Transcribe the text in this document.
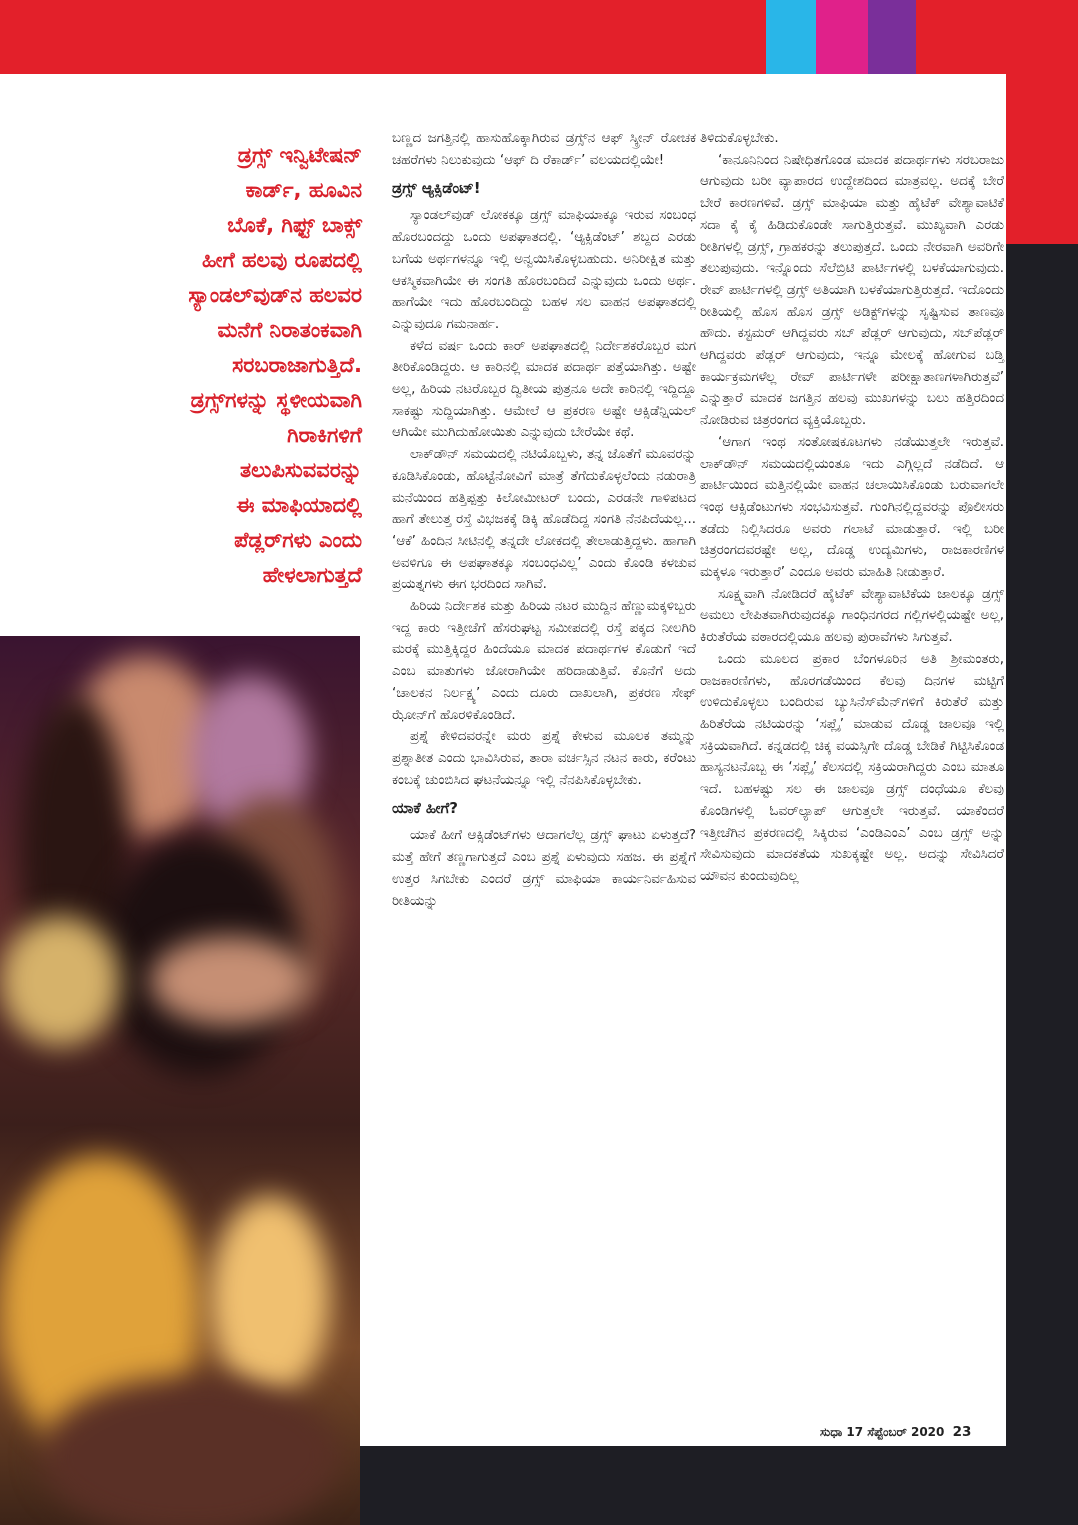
ಡ್ರಗ್ಸ್ ಇನ್ವಿಟೇಷನ್
ಕಾರ್ಡ್, ಹೂವಿನ
ಬೊಕೆ, ಗಿಫ್ಟ್ ಬಾಕ್ಸ್
ಹೀಗೆ ಹಲವು ರೂಪದಲ್ಲಿ
ಸ್ಯಾಂಡಲ್‌ವುಡ್‌ನ ಹಲವರ
ಮನೆಗೆ ನಿರಾತಂಕವಾಗಿ
ಸರಬರಾಜಾಗುತ್ತಿದೆ.
ಡ್ರಗ್ಸ್‌ಗಳನ್ನು ಸ್ಥಳೀಯವಾಗಿ
ಗಿರಾಕಿಗಳಿಗೆ
ತಲುಪಿಸುವವರನ್ನು
ಈ ಮಾಫಿಯಾದಲ್ಲಿ
ಪೆಡ್ಲರ್‌ಗಳು ಎಂದು
ಹೇಳಲಾಗುತ್ತದೆ

ಬಣ್ಣದ ಜಗತ್ತಿನಲ್ಲಿ ಹಾಸುಹೊಕ್ಕಾಗಿರುವ ಡ್ರಗ್ಸ್‌ನ ಆಫ್ ಸ್ಕ್ರೀನ್ ರೋಚಕ ಚಹರೆಗಳು ನಿಲುಕುವುದು ‘ಆಫ್ ದಿ ರೆಕಾರ್ಡ್’ ವಲಯದಲ್ಲಿಯೇ!

ಡ್ರಗ್ಸ್ ಆ್ಯಕ್ಸಿಡೆಂಟ್!

ಸ್ಯಾಂಡಲ್‌ವುಡ್ ಲೋಕಕ್ಕೂ ಡ್ರಗ್ಸ್ ಮಾಫಿಯಾಕ್ಕೂ ಇರುವ ಸಂಬಂಧ ಹೊರಬಂದದ್ದು ಒಂದು ಅಪಘಾತದಲ್ಲಿ. ‘ಆ್ಯಕ್ಸಿಡೆಂಟ್’ ಶಬ್ದದ ಎರಡು ಬಗೆಯ ಅರ್ಥಗಳನ್ನೂ ಇಲ್ಲಿ ಅನ್ವಯಿಸಿಕೊಳ್ಳಬಹುದು. ಅನಿರೀಕ್ಷಿತ ಮತ್ತು ಆಕಸ್ಮಿಕವಾಗಿಯೇ ಈ ಸಂಗತಿ ಹೊರಬಂದಿದೆ ಎನ್ನುವುದು ಒಂದು ಅರ್ಥ. ಹಾಗೆಯೇ ಇದು ಹೊರಬಂದಿದ್ದು ಬಹಳ ಸಲ ವಾಹನ ಅಪಘಾತದಲ್ಲಿ ಎನ್ನುವುದೂ ಗಮನಾರ್ಹ.

ಕಳೆದ ವರ್ಷ ಒಂದು ಕಾರ್ ಅಪಘಾತದಲ್ಲಿ ನಿರ್ದೇಶಕರೊಬ್ಬರ ಮಗ ತೀರಿಕೊಂಡಿದ್ದರು. ಆ ಕಾರಿನಲ್ಲಿ ಮಾದಕ ಪದಾರ್ಥ ಪತ್ತೆಯಾಗಿತ್ತು. ಅಷ್ಟೇ ಅಲ್ಲ, ಹಿರಿಯ ನಟರೊಬ್ಬರ ದ್ವಿತೀಯ ಪುತ್ರನೂ ಅದೇ ಕಾರಿನಲ್ಲಿ ಇದ್ದಿದ್ದೂ ಸಾಕಷ್ಟು ಸುದ್ದಿಯಾಗಿತ್ತು. ಆಮೇಲೆ ಆ ಪ್ರಕರಣ ಅಷ್ಟೇ ಆಕ್ಸಿಡೆನ್ಷಿಯಲ್ ಆಗಿಯೇ ಮುಗಿದುಹೋಯಿತು ಎನ್ನುವುದು ಬೇರೆಯೇ ಕಥೆ.

ಲಾಕ್‌ಡೌನ್ ಸಮಯದಲ್ಲಿ ನಟಿಯೊಬ್ಬಳು, ತನ್ನ ಜೊತೆಗೆ ಮೂವರನ್ನು ಕೂಡಿಸಿಕೊಂಡು, ಹೊಟ್ಟೆನೋವಿಗೆ ಮಾತ್ರೆ ತೆಗೆದುಕೊಳ್ಳಲೆಂದು ನಡುರಾತ್ರಿ ಮನೆಯಿಂದ ಹತ್ತಿಪ್ಪತ್ತು ಕಿಲೋಮೀಟರ್ ಬಂದು, ಎರಡನೇ ಗಾಳಿಪಟದ ಹಾಗೆ ತೇಲುತ್ತ ರಸ್ತೆ ವಿಭಜಕಕ್ಕೆ ಡಿಕ್ಕಿ ಹೊಡೆದಿದ್ದ ಸಂಗತಿ ನೆನಪಿದೆಯಲ್ಲ... ‘ಆಕೆ’ ಹಿಂದಿನ ಸೀಟಿನಲ್ಲಿ ತನ್ನದೇ ಲೋಕದಲ್ಲಿ ತೇಲಾಡುತ್ತಿದ್ದಳು. ಹಾಗಾಗಿ ಅವಳಿಗೂ ಈ ಅಪಘಾತಕ್ಕೂ ಸಂಬಂಧವಿಲ್ಲ’ ಎಂದು ಕೊಂಡಿ ಕಳಚುವ ಪ್ರಯತ್ನಗಳು ಈಗ ಭರದಿಂದ ಸಾಗಿವೆ.

ಹಿರಿಯ ನಿರ್ದೇಶಕ ಮತ್ತು ಹಿರಿಯ ನಟರ ಮುದ್ದಿನ ಹೆಣ್ಣುಮಕ್ಕಳಿಬ್ಬರು ಇದ್ದ ಕಾರು ಇತ್ತೀಚೆಗೆ ಹೆಸರುಘಟ್ಟ ಸಮೀಪದಲ್ಲಿ ರಸ್ತೆ ಪಕ್ಕದ ನೀಲಗಿರಿ ಮರಕ್ಕೆ ಮುತ್ತಿಕ್ಕಿದ್ದರ ಹಿಂದೆಯೂ ಮಾದಕ ಪದಾರ್ಥಗಳ ಕೊಡುಗೆ ಇದೆ ಎಂಬ ಮಾತುಗಳು ಜೋರಾಗಿಯೇ ಹರಿದಾಡುತ್ತಿವೆ. ಕೊನೆಗೆ ಅದು ‘ಚಾಲಕನ ನಿರ್ಲಕ್ಷ್ಯ’ ಎಂದು ದೂರು ದಾಖಲಾಗಿ, ಪ್ರಕರಣ ಸೇಫ್ ಝೋನ್‌ಗೆ ಹೊರಳಿಕೊಂಡಿದೆ.

ಪ್ರಶ್ನೆ ಕೇಳಿದವರನ್ನೇ ಮರು ಪ್ರಶ್ನೆ ಕೇಳುವ ಮೂಲಕ ತಮ್ಮನ್ನು ಪ್ರಶ್ನಾತೀತ ಎಂದು ಭಾವಿಸಿರುವ, ತಾರಾ ವರ್ಚಸ್ಸಿನ ನಟನ ಕಾರು, ಕರೆಂಟು ಕಂಬಕ್ಕೆ ಚುಂಬಿಸಿದ ಘಟನೆಯನ್ನೂ ಇಲ್ಲಿ ನೆನಪಿಸಿಕೊಳ್ಳಬೇಕು.

ಯಾಕೆ ಹೀಗೆ?

ಯಾಕೆ ಹೀಗೆ ಆಕ್ಸಿಡೆಂಟ್‌ಗಳು ಆದಾಗಲೆಲ್ಲ ಡ್ರಗ್ಸ್ ಘಾಟು ಏಳುತ್ತದೆ? ಮತ್ತೆ ಹೇಗೆ ತಣ್ಣಗಾಗುತ್ತದೆ ಎಂಬ ಪ್ರಶ್ನೆ ಏಳುವುದು ಸಹಜ. ಈ ಪ್ರಶ್ನೆಗೆ ಉತ್ತರ ಸಿಗಬೇಕು ಎಂದರೆ ಡ್ರಗ್ಸ್ ಮಾಫಿಯಾ ಕಾರ್ಯನಿರ್ವಹಿಸುವ ರೀತಿಯನ್ನು

ತಿಳಿದುಕೊಳ್ಳಬೇಕು.

‘ಕಾನೂನಿನಿಂದ ನಿಷೇಧಿತಗೊಂಡ ಮಾದಕ ಪದಾರ್ಥಗಳು ಸರಬರಾಜು ಆಗುವುದು ಬರೀ ವ್ಯಾಪಾರದ ಉದ್ದೇಶದಿಂದ ಮಾತ್ರವಲ್ಲ. ಅದಕ್ಕೆ ಬೇರೆ ಬೇರೆ ಕಾರಣಗಳಿವೆ. ಡ್ರಗ್ಸ್ ಮಾಫಿಯಾ ಮತ್ತು ಹೈಟೆಕ್ ವೇಶ್ಯಾವಾಟಿಕೆ ಸದಾ ಕೈ ಕೈ ಹಿಡಿದುಕೊಂಡೇ ಸಾಗುತ್ತಿರುತ್ತವೆ. ಮುಖ್ಯವಾಗಿ ಎರಡು ರೀತಿಗಳಲ್ಲಿ ಡ್ರಗ್ಸ್, ಗ್ರಾಹಕರನ್ನು ತಲುಪುತ್ತದೆ. ಒಂದು ನೇರವಾಗಿ ಅವರಿಗೇ ತಲುಪುವುದು. ಇನ್ನೊಂದು ಸೆಲೆಬ್ರಿಟಿ ಪಾರ್ಟಿಗಳಲ್ಲಿ ಬಳಕೆಯಾಗುವುದು. ರೇವ್ ಪಾರ್ಟಿಗಳಲ್ಲಿ ಡ್ರಗ್ಸ್ ಅತಿಯಾಗಿ ಬಳಕೆಯಾಗುತ್ತಿರುತ್ತದೆ. ಇದೊಂದು ರೀತಿಯಲ್ಲಿ ಹೊಸ ಹೊಸ ಡ್ರಗ್ಸ್ ಅಡಿಕ್ಟ್‌ಗಳನ್ನು ಸೃಷ್ಟಿಸುವ ತಾಣವೂ ಹೌದು. ಕಸ್ಟಮರ್ ಆಗಿದ್ದವರು ಸಬ್ ಪೆಡ್ಲರ್ ಆಗುವುದು, ಸಬ್‌ಪೆಡ್ಲರ್ ಆಗಿದ್ದವರು ಪೆಡ್ಲರ್ ಆಗುವುದು, ಇನ್ನೂ ಮೇಲಕ್ಕೆ ಹೋಗುವ ಬಡ್ತಿ ಕಾರ್ಯಕ್ರಮಗಳೆಲ್ಲ ರೇವ್ ಪಾರ್ಟಿಗಳೇ ಪರೀಕ್ಷಾತಾಣಗಳಾಗಿರುತ್ತವೆ’ ಎನ್ನುತ್ತಾರೆ ಮಾದಕ ಜಗತ್ತಿನ ಹಲವು ಮುಖಗಳನ್ನು ಬಲು ಹತ್ತಿರದಿಂದ ನೋಡಿರುವ ಚಿತ್ರರಂಗದ ವ್ಯಕ್ತಿಯೊಬ್ಬರು.

‘ಆಗಾಗ ಇಂಥ ಸಂತೋಷಕೂಟಗಳು ನಡೆಯುತ್ತಲೇ ಇರುತ್ತವೆ. ಲಾಕ್‌ಡೌನ್ ಸಮಯದಲ್ಲಿಯಂತೂ ಇದು ಎಗ್ಗಿಲ್ಲದೆ ನಡೆದಿದೆ. ಆ ಪಾರ್ಟಿಯಿಂದ ಮತ್ತಿನಲ್ಲಿಯೇ ವಾಹನ ಚಲಾಯಿಸಿಕೊಂಡು ಬರುವಾಗಲೇ ಇಂಥ ಆಕ್ಸಿಡೆಂಟುಗಳು ಸಂಭವಿಸುತ್ತವೆ. ಗುಂಗಿನಲ್ಲಿದ್ದವರನ್ನು ಪೊಲೀಸರು ತಡೆದು ನಿಲ್ಲಿಸಿದರೂ ಅವರು ಗಲಾಟೆ ಮಾಡುತ್ತಾರೆ. ಇಲ್ಲಿ ಬರೀ ಚಿತ್ರರಂಗದವರಷ್ಟೇ ಅಲ್ಲ, ದೊಡ್ಡ ಉದ್ಯಮಿಗಳು, ರಾಜಕಾರಣಿಗಳ ಮಕ್ಕಳೂ ಇರುತ್ತಾರೆ’ ಎಂದೂ ಅವರು ಮಾಹಿತಿ ನೀಡುತ್ತಾರೆ.

ಸೂಕ್ಷ್ಮವಾಗಿ ನೋಡಿದರೆ ಹೈಟೆಕ್ ವೇಶ್ಯಾವಾಟಿಕೆಯ ಜಾಲಕ್ಕೂ ಡ್ರಗ್ಸ್ ಅಮಲು ಲೇಪಿತವಾಗಿರುವುದಕ್ಕೂ ಗಾಂಧಿನಗರದ ಗಲ್ಲಿಗಳಲ್ಲಿಯಷ್ಟೇ ಅಲ್ಲ, ಕಿರುತೆರೆಯ ವಠಾರದಲ್ಲಿಯೂ ಹಲವು ಪುರಾವೆಗಳು ಸಿಗುತ್ತವೆ.

ಒಂದು ಮೂಲದ ಪ್ರಕಾರ ಬೆಂಗಳೂರಿನ ಅತಿ ಶ್ರೀಮಂತರು, ರಾಜಕಾರಣಿಗಳು, ಹೊರಗಡೆಯಿಂದ ಕೆಲವು ದಿನಗಳ ಮಟ್ಟಿಗೆ ಉಳಿದುಕೊಳ್ಳಲು ಬಂದಿರುವ ಬ್ಯುಸಿನೆಸ್‌ಮೆನ್‌ಗಳಿಗೆ ಕಿರುತೆರೆ ಮತ್ತು ಹಿರಿತೆರೆಯ ನಟಿಯರನ್ನು ‘ಸಪ್ಲೈ’ ಮಾಡುವ ದೊಡ್ಡ ಜಾಲವೂ ಇಲ್ಲಿ ಸಕ್ರಿಯವಾಗಿದೆ. ಕನ್ನಡದಲ್ಲಿ ಚಿಕ್ಕ ವಯಸ್ಸಿಗೇ ದೊಡ್ಡ ಬೇಡಿಕೆ ಗಿಟ್ಟಿಸಿಕೊಂಡ ಹಾಸ್ಯನಟನೊಬ್ಬ ಈ ‘ಸಪ್ಲೈ’ ಕೆಲಸದಲ್ಲಿ ಸಕ್ರಿಯರಾಗಿದ್ದರು ಎಂಬ ಮಾತೂ ಇದೆ. ಬಹಳಷ್ಟು ಸಲ ಈ ಜಾಲವೂ ಡ್ರಗ್ಸ್ ದಂಧೆಯೂ ಕೆಲವು ಕೊಂಡಿಗಳಲ್ಲಿ ಓವರ್‌ಲ್ಯಾಪ್ ಆಗುತ್ತಲೇ ಇರುತ್ತವೆ. ಯಾಕೆಂದರೆ ಇತ್ತೀಚೆಗಿನ ಪ್ರಕರಣದಲ್ಲಿ ಸಿಕ್ಕಿರುವ ‘ಎಂಡಿಎಂಎ’ ಎಂಬ ಡ್ರಗ್ಸ್ ಅನ್ನು ಸೇವಿಸುವುದು ಮಾದಕತೆಯ ಸುಖಕ್ಕಷ್ಟೇ ಅಲ್ಲ. ಅದನ್ನು ಸೇವಿಸಿದರೆ ಯೌವನ ಕುಂದುವುದಿಲ್ಲ

ಸುಧಾ 17 ಸೆಪ್ಟೆಂಬರ್ 2020 23
